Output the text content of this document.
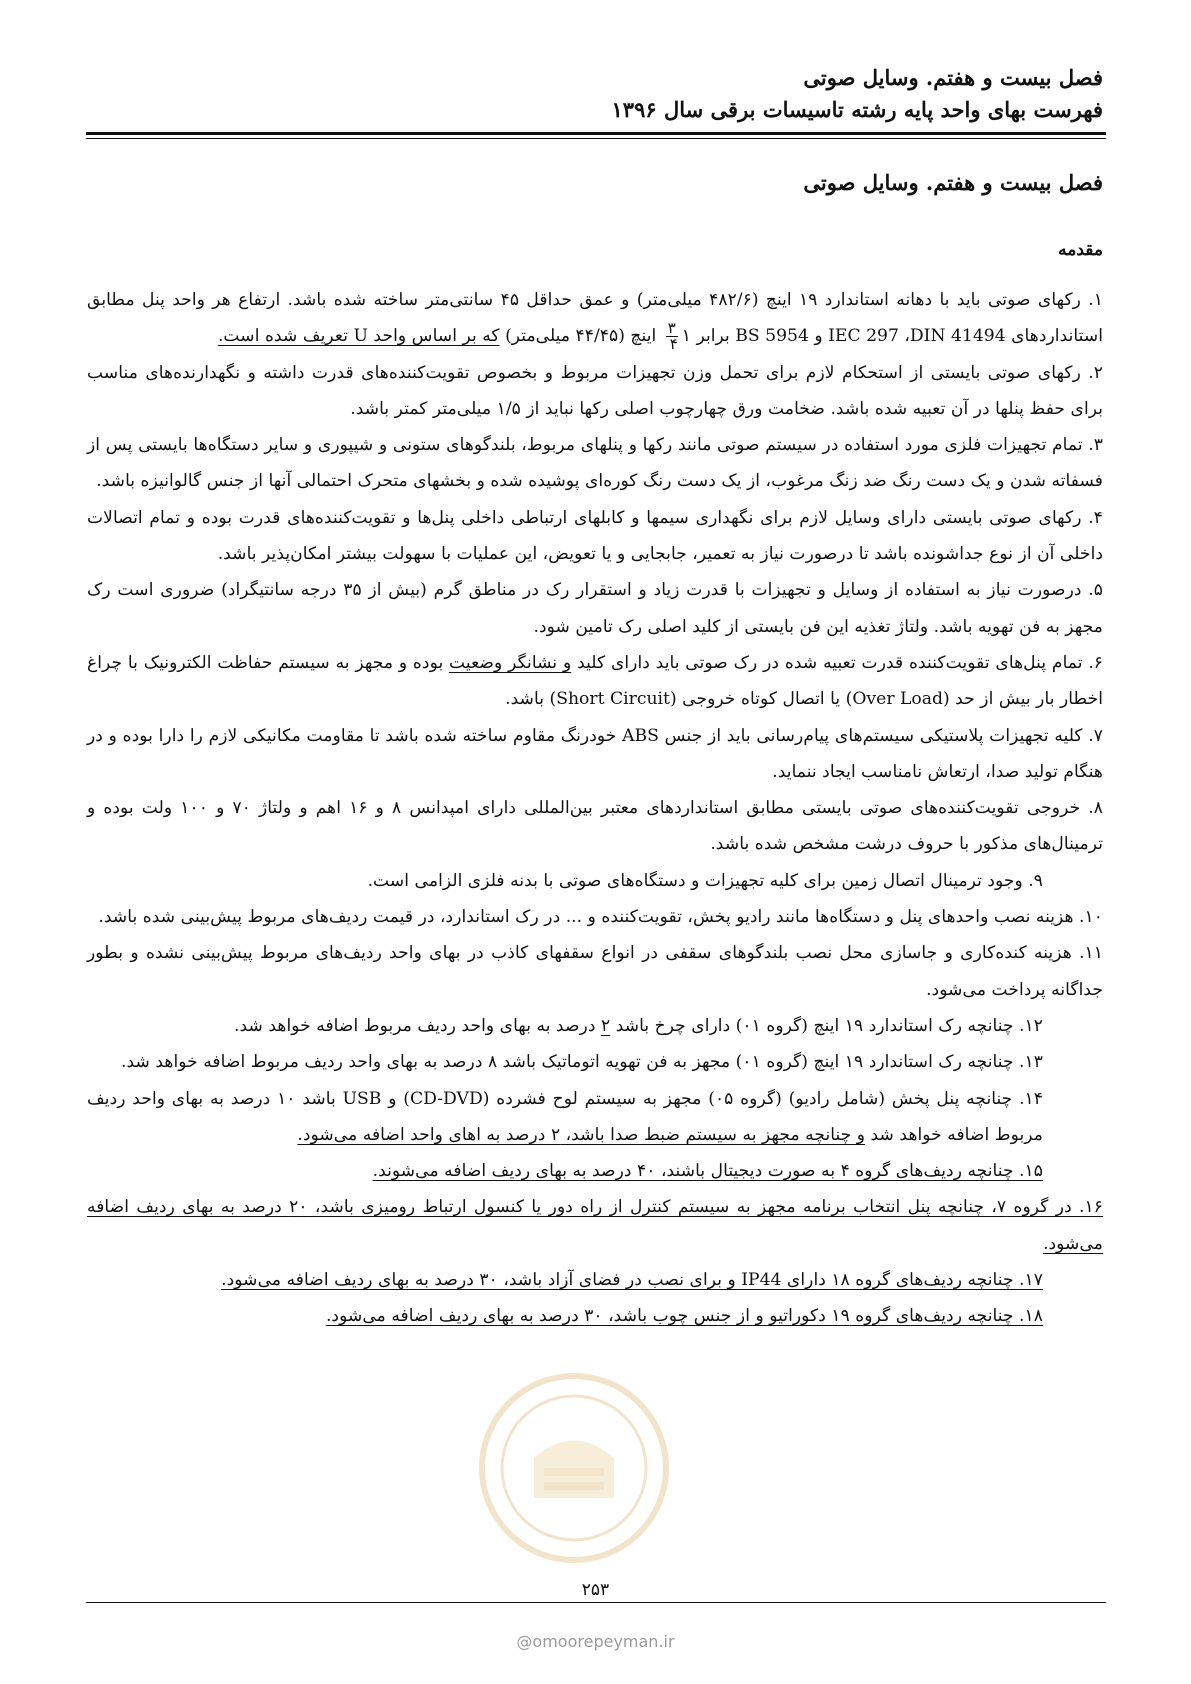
فصل بیست و هفتم. وسایل صوتی
فهرست بهای واحد پایه رشته تاسیسات برقی سال ۱۳۹۶
فصل بیست و هفتم. وسایل صوتی
مقدمه

۱. رکهای صوتی باید با دهانه استاندارد ۱۹ اینچ (۴۸۲/۶ میلی‌متر) و عمق حداقل ۴۵ سانتی‌متر ساخته شده باشد. ارتفاع هر واحد پنل مطابق استانداردهای IEC 297 ،DIN 41494 و BS 5954 برابر ۱
$\frac{۳}{۴}$
اینچ (۴۴/۴۵ میلی‌متر) که بر اساس واحد U تعریف شده است.

۲. رکهای صوتی بایستی از استحکام لازم برای تحمل وزن تجهیزات مربوط و بخصوص تقویت‌کننده‌های قدرت داشته و نگهدارنده‌های مناسب برای حفظ پنلها در آن تعبیه شده باشد. ضخامت ورق چهارچوب اصلی رکها نباید از ۱/۵ میلی‌متر کمتر باشد.

۳. تمام تجهیزات فلزی مورد استفاده در سیستم صوتی مانند رکها و پنلهای مربوط، بلندگوهای ستونی و شیپوری و سایر دستگاه‌ها بایستی پس از فسفاته شدن و یک دست رنگ ضد زنگ مرغوب، از یک دست رنگ کوره‌ای پوشیده شده و بخشهای متحرک احتمالی آنها از جنس گالوانیزه باشد.

۴. رکهای صوتی بایستی دارای وسایل لازم برای نگهداری سیمها و کابلهای ارتباطی داخلی پنل‌ها و تقویت‌کننده‌های قدرت بوده و تمام اتصالات داخلی آن از نوع جداشونده باشد تا درصورت نیاز به تعمیر، جابجایی و یا تعویض، این عملیات با سهولت بیشتر امکان‌پذیر باشد.

۵. درصورت نیاز به استفاده از وسایل و تجهیزات با قدرت زیاد و استقرار رک در مناطق گرم (بیش از ۳۵ درجه سانتیگراد) ضروری است رک مجهز به فن تهویه باشد. ولتاژ تغذیه این فن بایستی از کلید اصلی رک تامین شود.

۶. تمام پنل‌های تقویت‌کننده قدرت تعبیه شده در رک صوتی باید دارای کلید و نشانگر وضعیت بوده و مجهز به سیستم حفاظت الکترونیک با چراغ اخطار بار بیش از حد (Over Load) یا اتصال کوتاه خروجی (Short Circuit) باشد.

۷. کلیه تجهیزات پلاستیکی سیستم‌های پیام‌رسانی باید از جنس ABS خودرنگ مقاوم ساخته شده باشد تا مقاومت مکانیکی لازم را دارا بوده و در هنگام تولید صدا، ارتعاش نامناسب ایجاد ننماید.

۸. خروجی تقویت‌کننده‌های صوتی بایستی مطابق استانداردهای معتبر بین‌المللی دارای امپدانس ۸ و ۱۶ اهم و ولتاژ ۷۰ و ۱۰۰ ولت بوده و ترمینال‌های مذکور با حروف درشت مشخص شده باشد.

۹. وجود ترمینال اتصال زمین برای کلیه تجهیزات و دستگاه‌های صوتی با بدنه فلزی الزامی است.

۱۰. هزینه نصب واحدهای پنل و دستگاه‌ها مانند رادیو پخش، تقویت‌کننده و ... در رک استاندارد، در قیمت ردیف‌های مربوط پیش‌بینی شده باشد.

۱۱. هزینه کنده‌کاری و جاسازی محل نصب بلندگوهای سقفی در انواع سقفهای کاذب در بهای واحد ردیف‌های مربوط پیش‌بینی نشده و بطور جداگانه پرداخت می‌شود.

۱۲. چنانچه رک استاندارد ۱۹ اینچ (گروه ۰۱) دارای چرخ باشد ۲ درصد به بهای واحد ردیف مربوط اضافه خواهد شد.

۱۳. چنانچه رک استاندارد ۱۹ اینچ (گروه ۰۱) مجهز به فن تهویه اتوماتیک باشد ۸ درصد به بهای واحد ردیف مربوط اضافه خواهد شد.

۱۴. چنانچه پنل پخش (شامل رادیو) (گروه ۰۵) مجهز به سیستم لوح فشرده (CD-DVD) و USB باشد ۱۰ درصد به بهای واحد ردیف مربوط اضافه خواهد شد و چنانچه مجهز به سیستم ضبط صدا باشد، ۲ درصد به اهای واحد اضافه می‌شود.

۱۵. چنانچه ردیف‌های گروه ۴ به صورت دیجیتال باشند، ۴۰ درصد به بهای ردیف اضافه می‌شوند.

۱۶. در گروه ۷، چنانچه پنل انتخاب برنامه مجهز به سیستم کنترل از راه دور یا کنسول ارتباط رومیزی باشد، ۲۰ درصد به بهای ردیف اضافه می‌شود.

۱۷. چنانچه ردیف‌های گروه ۱۸ دارای IP44 و برای نصب در فضای آزاد باشد، ۳۰ درصد به بهای ردیف اضافه می‌شود.

۱۸. چنانچه ردیف‌های گروه ۱۹ دکوراتیو و از جنس چوب باشد، ۳۰ درصد به بهای ردیف اضافه می‌شود.

۲۵۳
@omoorepeyman.ir
